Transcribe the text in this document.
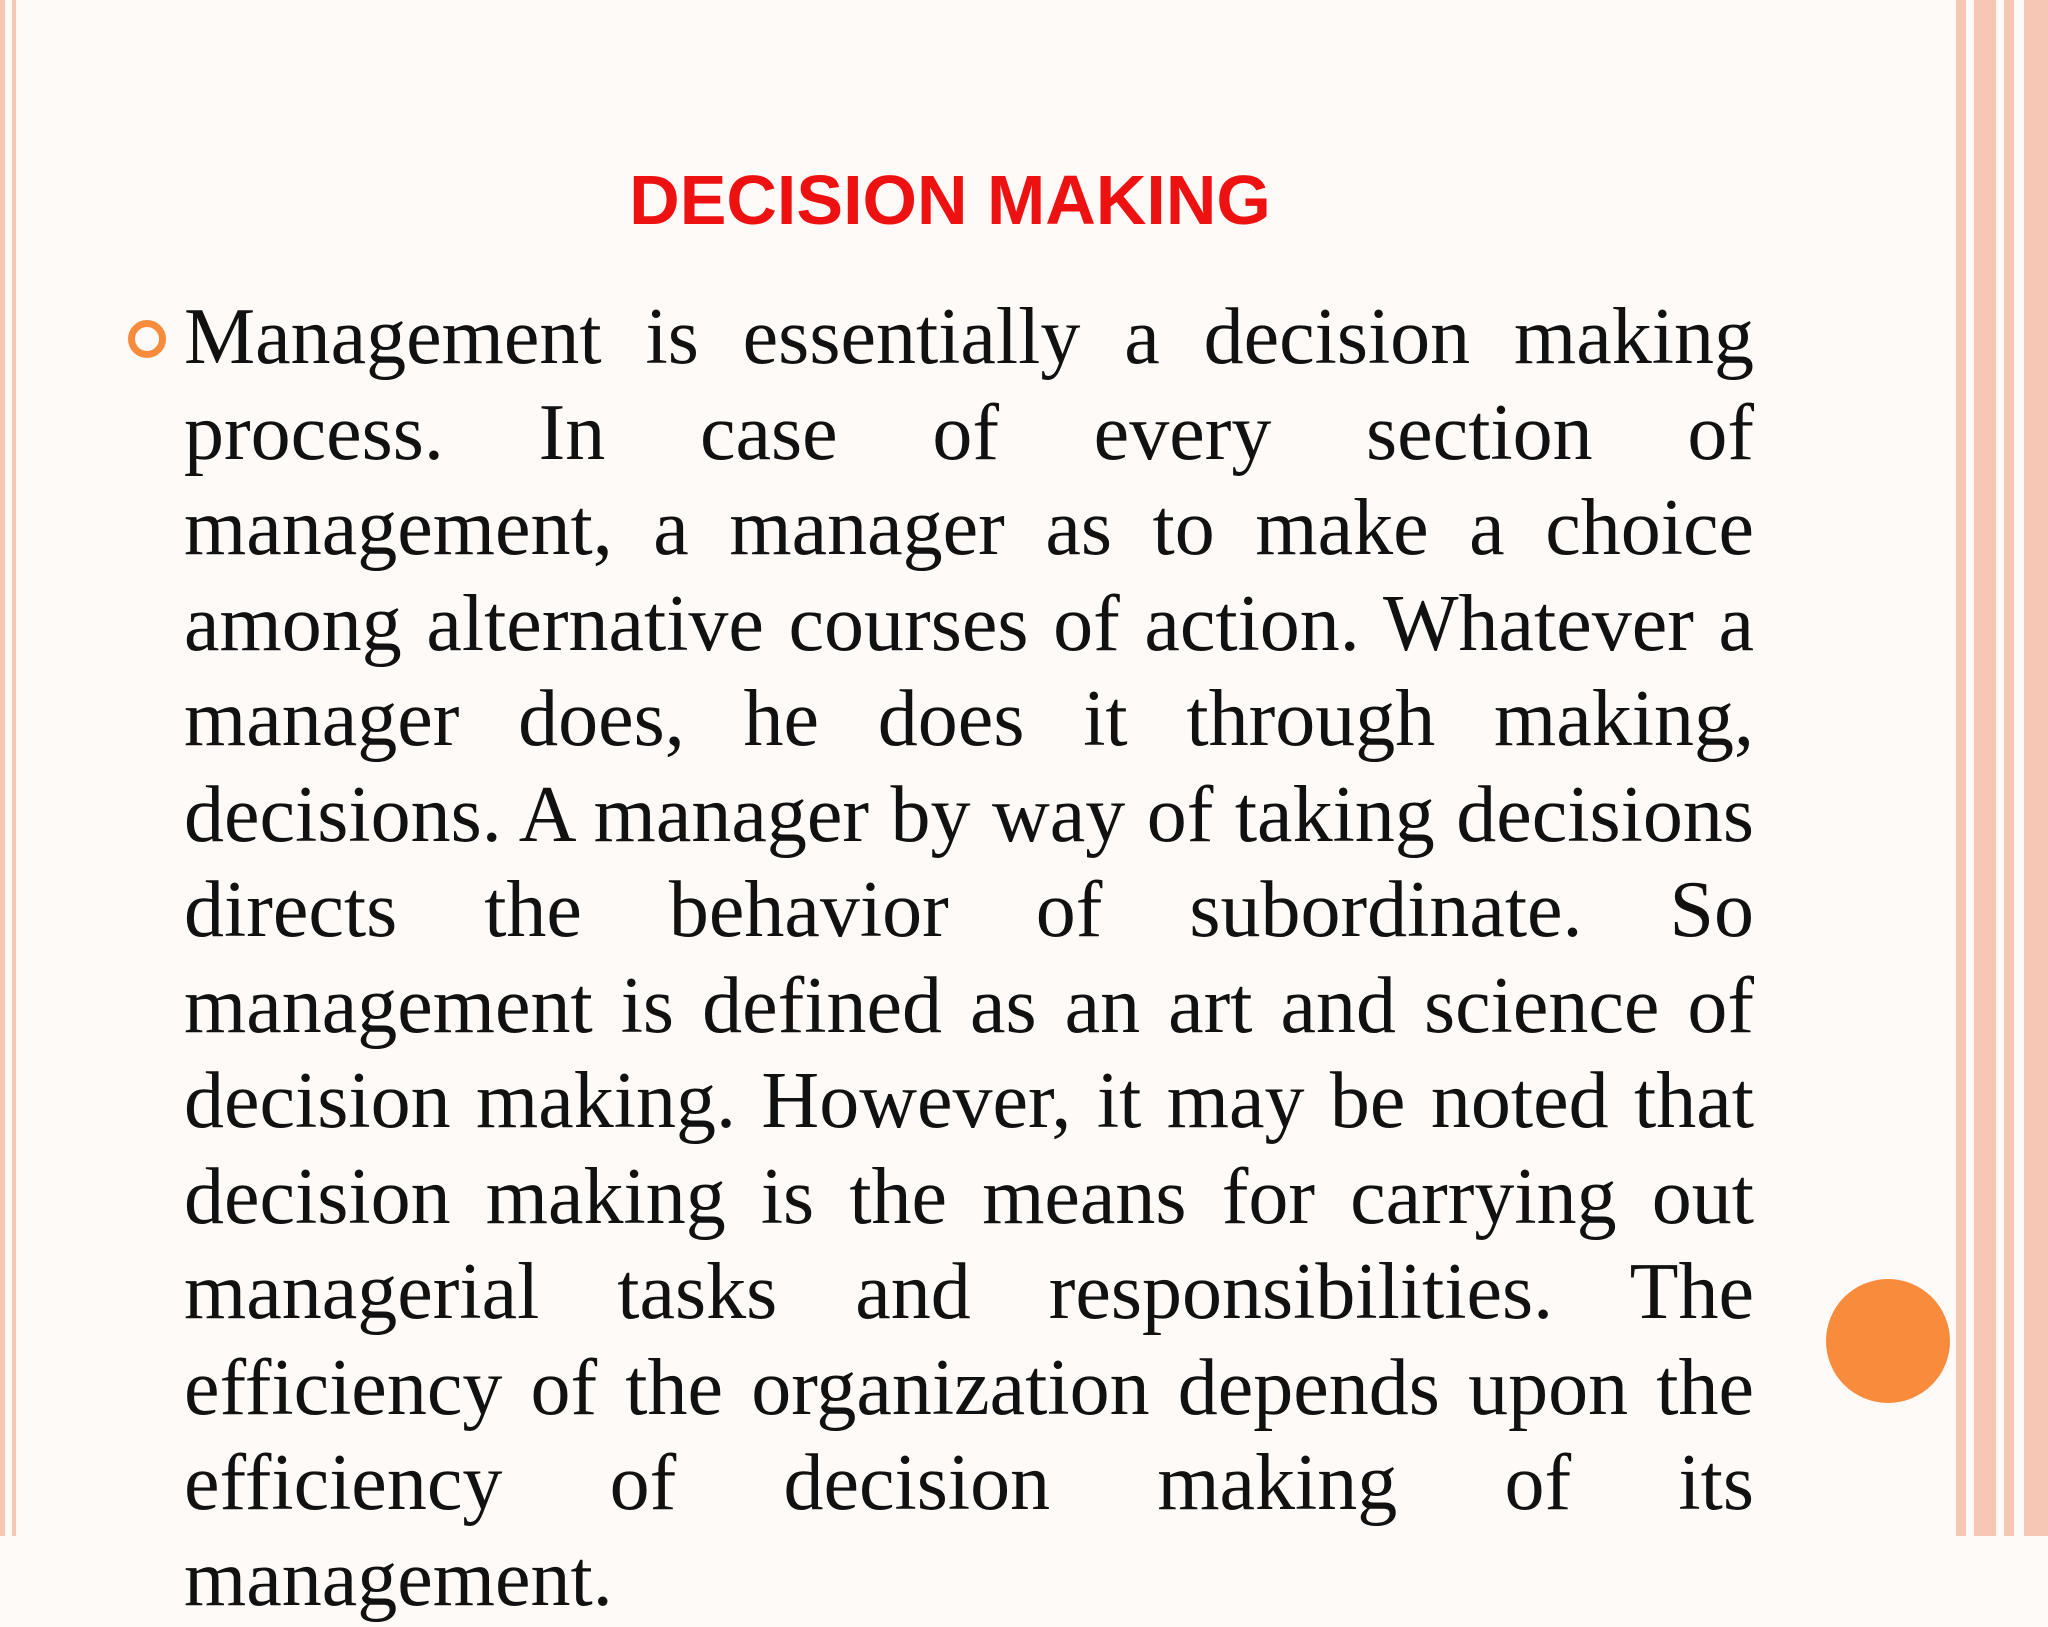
DECISION MAKING

Management is essentially a decision making process. In case of every section of management, a manager as to make a choice among alternative courses of action. Whatever a manager does, he does it through making, decisions. A manager by way of taking decisions directs the behavior of subordinate. So management is defined as an art and science of decision making. However, it may be noted that decision making is the means for carrying out managerial tasks and responsibilities. The efficiency of the organization depends upon the efficiency of decision making of its management.
